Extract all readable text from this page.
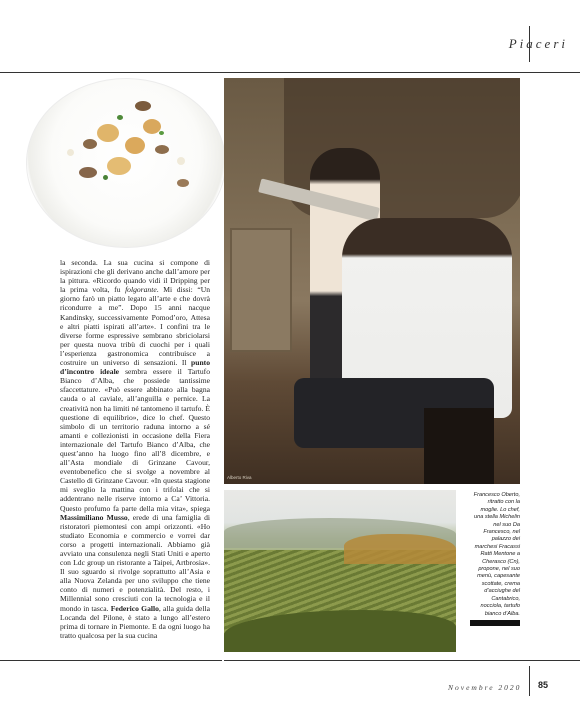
Piaceri
la seconda. La sua cucina si compone di ispirazioni che gli derivano anche dall’amore per la pittura. «Ricordo quando vidi il Dripping per la prima volta, fu folgorante. Mi dissi: “Un giorno farò un piatto legato all’arte e che dovrà ricondurre a me”. Dopo 15 anni nacque Kandinsky, successivamente Pomod’oro, Attesa e altri piatti ispirati all’arte». I confini tra le diverse forme espressive sembrano sbriciolarsi per questa nuova tribù di cuochi per i quali l’esperienza gastronomica contribuisce a costruire un universo di sensazioni. Il punto d’incontro ideale sembra essere il Tartufo Bianco d’Alba, che possiede tantissime sfaccettature. «Può essere abbinato alla bagna cauda o al caviale, all’anguilla e pernice. La creatività non ha limiti né tantomeno il tartufo. È questione di equilibrio», dice lo chef. Questo simbolo di un territorio raduna intorno a sé amanti e collezionisti in occasione della Fiera internazionale del Tartufo Bianco d’Alba, che quest’anno ha luogo fino all’8 dicembre, e all’Asta mondiale di Grinzane Cavour, eventobenefico che si svolge a novembre al Castello di Grinzane Cavour. «In questa stagione mi sveglio la mattina con i trifolai che si addentrano nelle riserve intorno a Ca’ Vittoria. Questo profumo fa parte della mia vita», spiega Massimiliano Musso, erede di una famiglia di ristoratori piemontesi con ampi orizzonti. «Ho studiato Economia e commercio e vorrei dar corso a progetti internazionali. Abbiamo già avviato una consulenza negli Stati Uniti e aperto con Ldc group un ristorante a Taipei, Artbrosia». Il suo sguardo si rivolge soprattutto all’Asia e alla Nuova Zelanda per uno sviluppo che tiene conto di numeri e potenzialità. Del resto, i Millennial sono cresciuti con la tecnologia e il mondo in tasca. Federico Gallo, alla guida della Locanda del Pilone, è stato a lungo all’estero prima di tornare in Piemonte. E da ogni luogo ha tratto qualcosa per la sua cucina
Alberto Riva
Francesco Oberto, ritratto con la moglie. Lo chef, una stella Michelin nel suo Da Francesco, nel palazzo dei marchesi Fracassi Ratti Mentone a Cherasco (Cn), propone, nel suo menù, capesante scottate, crema d’acciughe del Cantabrico, nocciola, tartufo bianco d’Alba.
Novembre 2020 85
